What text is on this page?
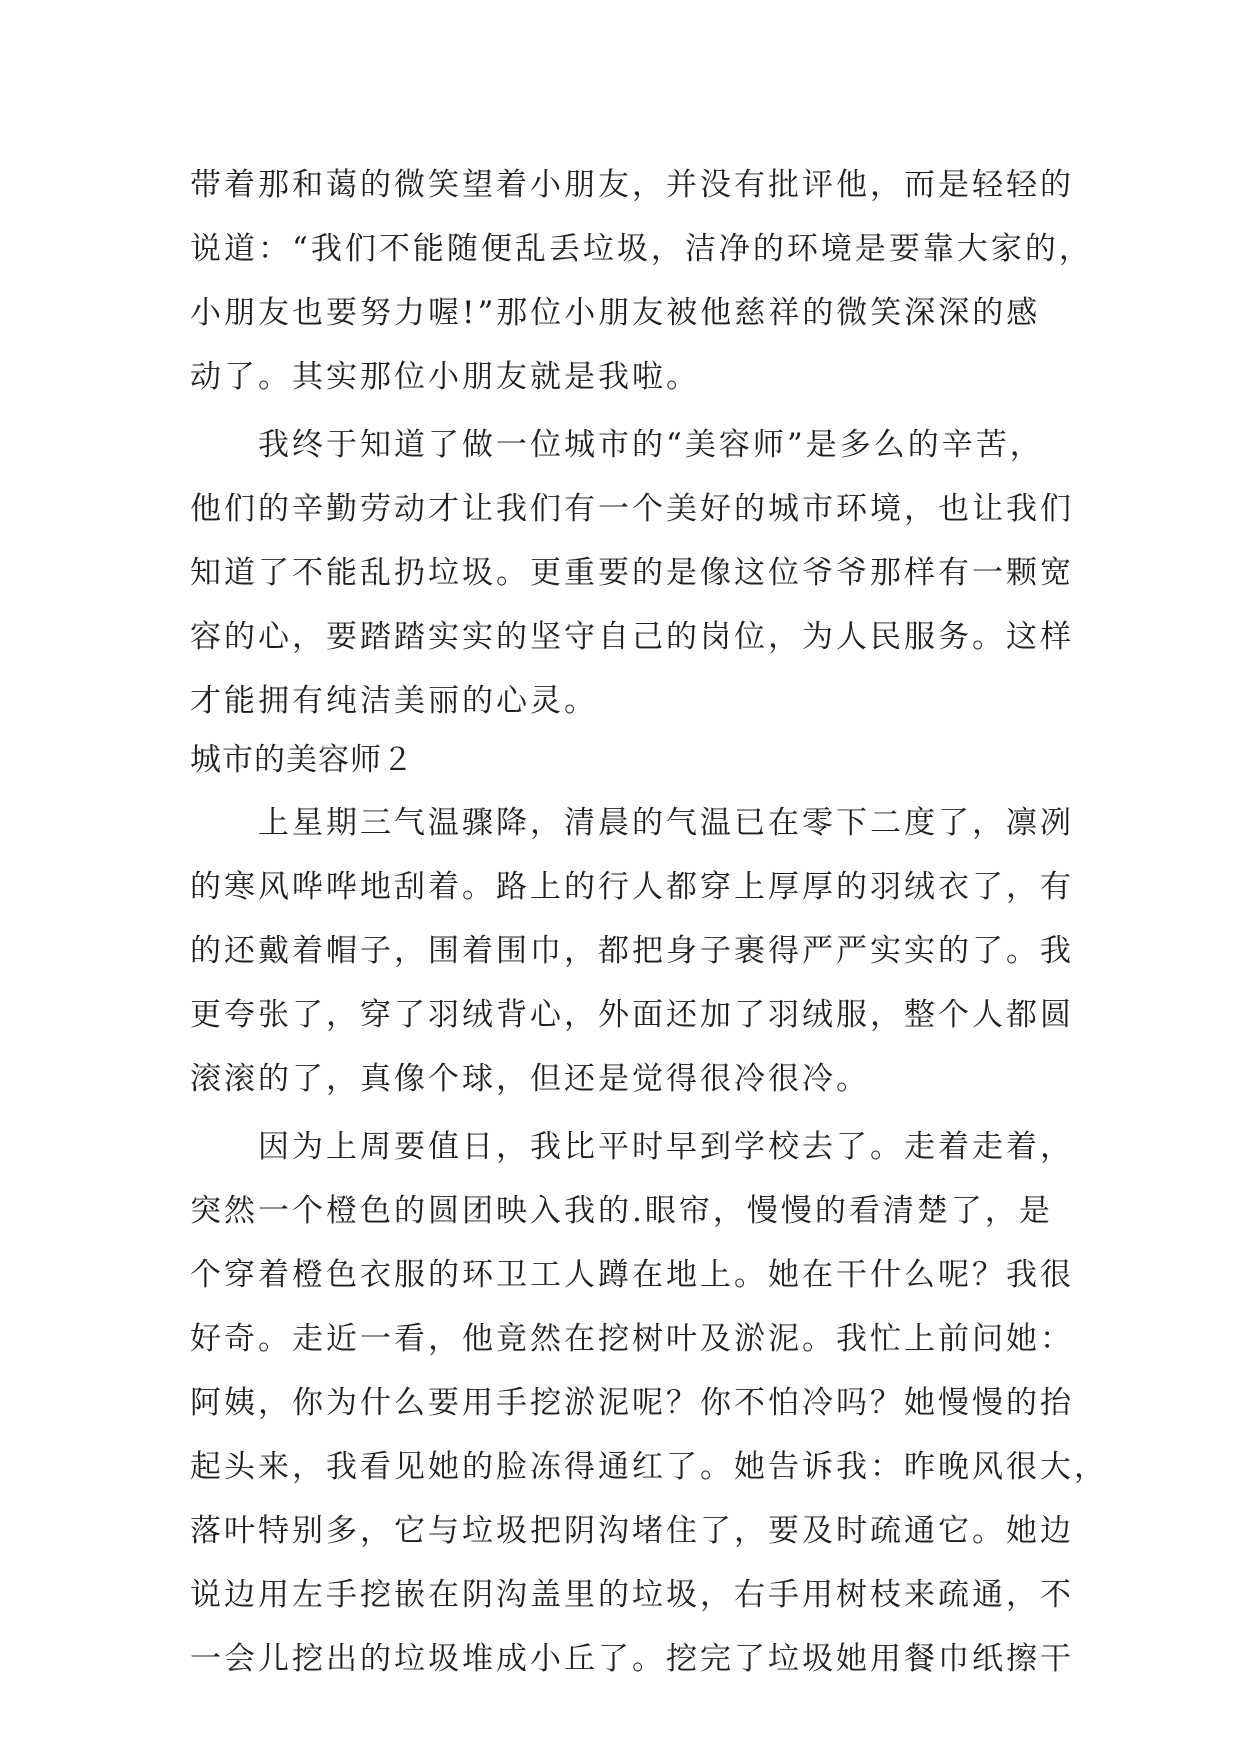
带着那和蔼的微笑望着小朋友，并没有批评他，而是轻轻的
说道：“我们不能随便乱丢垃圾，洁净的环境是要靠大家的，
小朋友也要努力喔!”那位小朋友被他慈祥的微笑深深的感
动了。其实那位小朋友就是我啦。
我终于知道了做一位城市的“美容师”是多么的辛苦，
他们的辛勤劳动才让我们有一个美好的城市环境，也让我们
知道了不能乱扔垃圾。更重要的是像这位爷爷那样有一颗宽
容的心，要踏踏实实的坚守自己的岗位，为人民服务。这样
才能拥有纯洁美丽的心灵。
城市的美容师２
上星期三气温骤降，清晨的气温已在零下二度了，凛冽
的寒风哗哗地刮着。路上的行人都穿上厚厚的羽绒衣了，有
的还戴着帽子，围着围巾，都把身子裹得严严实实的了。我
更夸张了，穿了羽绒背心，外面还加了羽绒服，整个人都圆
滚滚的了，真像个球，但还是觉得很冷很冷。
因为上周要值日，我比平时早到学校去了。走着走着，
突然一个橙色的圆团映入我的.眼帘，慢慢的看清楚了，是
个穿着橙色衣服的环卫工人蹲在地上。她在干什么呢？我很
好奇。走近一看，他竟然在挖树叶及淤泥。我忙上前问她：
阿姨，你为什么要用手挖淤泥呢？你不怕冷吗？她慢慢的抬
起头来，我看见她的脸冻得通红了。她告诉我：昨晚风很大，
落叶特别多，它与垃圾把阴沟堵住了，要及时疏通它。她边
说边用左手挖嵌在阴沟盖里的垃圾，右手用树枝来疏通，不
一会儿挖出的垃圾堆成小丘了。挖完了垃圾她用餐巾纸擦干
